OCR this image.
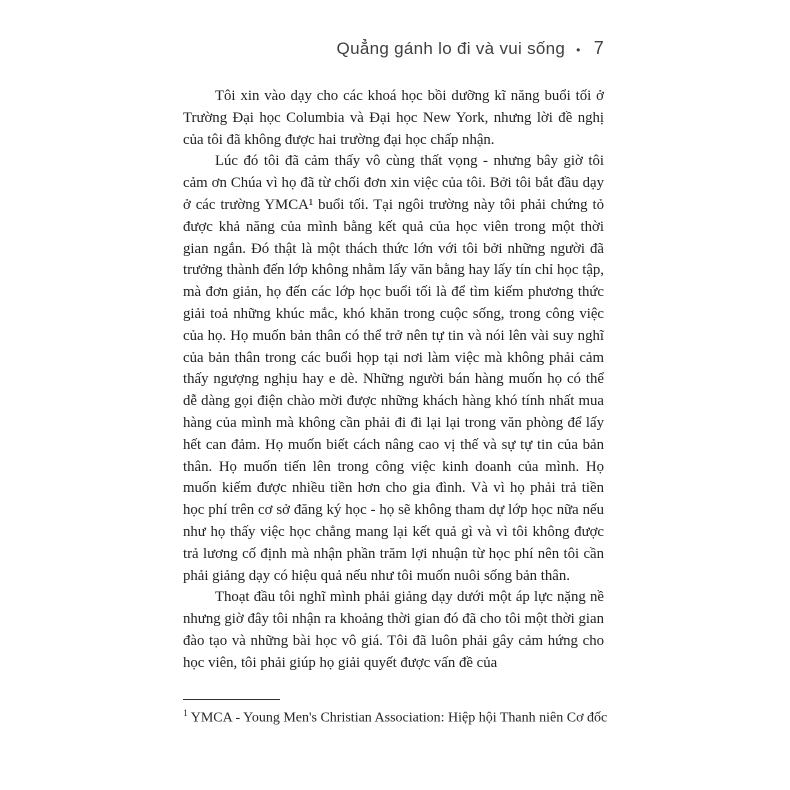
Quẳng gánh lo đi và vui sống • 7

Tôi xin vào dạy cho các khoá học bồi dưỡng kĩ năng buổi tối ở Trường Đại học Columbia và Đại học New York, nhưng lời đề nghị của tôi đã không được hai trường đại học chấp nhận.

Lúc đó tôi đã cảm thấy vô cùng thất vọng - nhưng bây giờ tôi cảm ơn Chúa vì họ đã từ chối đơn xin việc của tôi. Bởi tôi bắt đầu dạy ở các trường YMCA¹ buổi tối. Tại ngôi trường này tôi phải chứng tỏ được khả năng của mình bằng kết quả của học viên trong một thời gian ngắn. Đó thật là một thách thức lớn với tôi bởi những người đã trưởng thành đến lớp không nhằm lấy văn bằng hay lấy tín chỉ học tập, mà đơn giản, họ đến các lớp học buổi tối là để tìm kiếm phương thức giải toả những khúc mắc, khó khăn trong cuộc sống, trong công việc của họ. Họ muốn bản thân có thể trở nên tự tin và nói lên vài suy nghĩ của bản thân trong các buổi họp tại nơi làm việc mà không phải cảm thấy ngượng nghịu hay e dè. Những người bán hàng muốn họ có thể dễ dàng gọi điện chào mời được những khách hàng khó tính nhất mua hàng của mình mà không cần phải đi đi lại lại trong văn phòng để lấy hết can đảm. Họ muốn biết cách nâng cao vị thế và sự tự tin của bản thân. Họ muốn tiến lên trong công việc kinh doanh của mình. Họ muốn kiếm được nhiều tiền hơn cho gia đình. Và vì họ phải trả tiền học phí trên cơ sở đăng ký học - họ sẽ không tham dự lớp học nữa nếu như họ thấy việc học chẳng mang lại kết quả gì và vì tôi không được trả lương cố định mà nhận phần trăm lợi nhuận từ học phí nên tôi cần phải giảng dạy có hiệu quả nếu như tôi muốn nuôi sống bản thân.

Thoạt đầu tôi nghĩ mình phải giảng dạy dưới một áp lực nặng nề nhưng giờ đây tôi nhận ra khoảng thời gian đó đã cho tôi một thời gian đào tạo và những bài học vô giá. Tôi đã luôn phải gây cảm hứng cho học viên, tôi phải giúp họ giải quyết được vấn đề của

$^1$ YMCA - Young Men's Christian Association: Hiệp hội Thanh niên Cơ đốc
